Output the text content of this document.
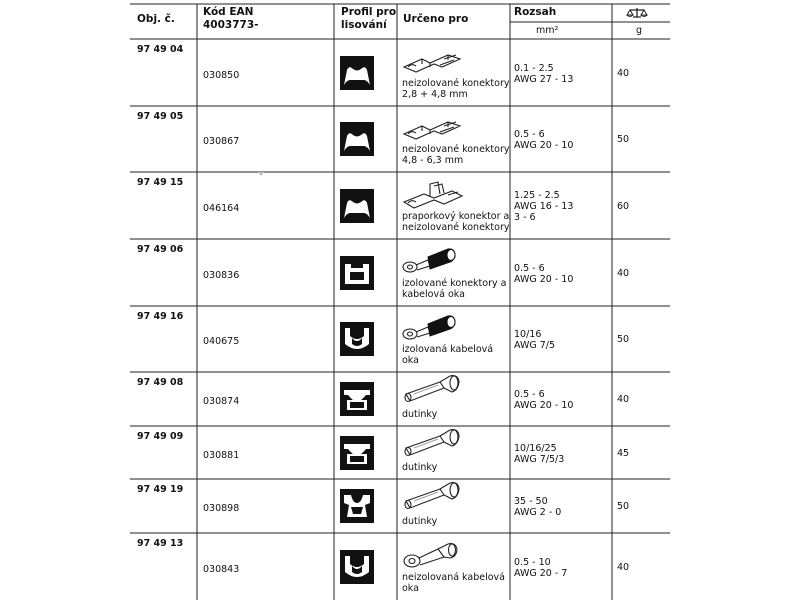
Obj. č.
Kód EAN
4003773-
Profil pro
lisování Určeno pro
Rozsah
mm²	g
97 49 04
030850
neizolované konektory
2,8 + 4,8 mm
0.1 - 2.5
AWG 27 - 13
40
97 49 05
030867
neizolované konektory
4,8 - 6,3 mm
0.5 - 6
AWG 20 - 10
50
97 49 15
046164
praporkový konektor a
neizolované konektory
1.25 - 2.5
AWG 16 - 13
3 - 6
60
97 49 06
030836
izolované konektory a
kabelová oka
0.5 - 6
AWG 20 - 10
40
97 49 16
040675
izolovaná kabelová
oka
10/16
AWG 7/5
50
97 49 08
030874
dutinky
0.5 - 6
AWG 20 - 10
40
97 49 09
030881
dutinky
10/16/25
AWG 7/5/3
45
97 49 19
030898
dutinky
35 - 50
AWG 2 - 0
50
97 49 13
030843
neizolovaná kabelová
oka
0.5 - 10
AWG 20 - 7
40
